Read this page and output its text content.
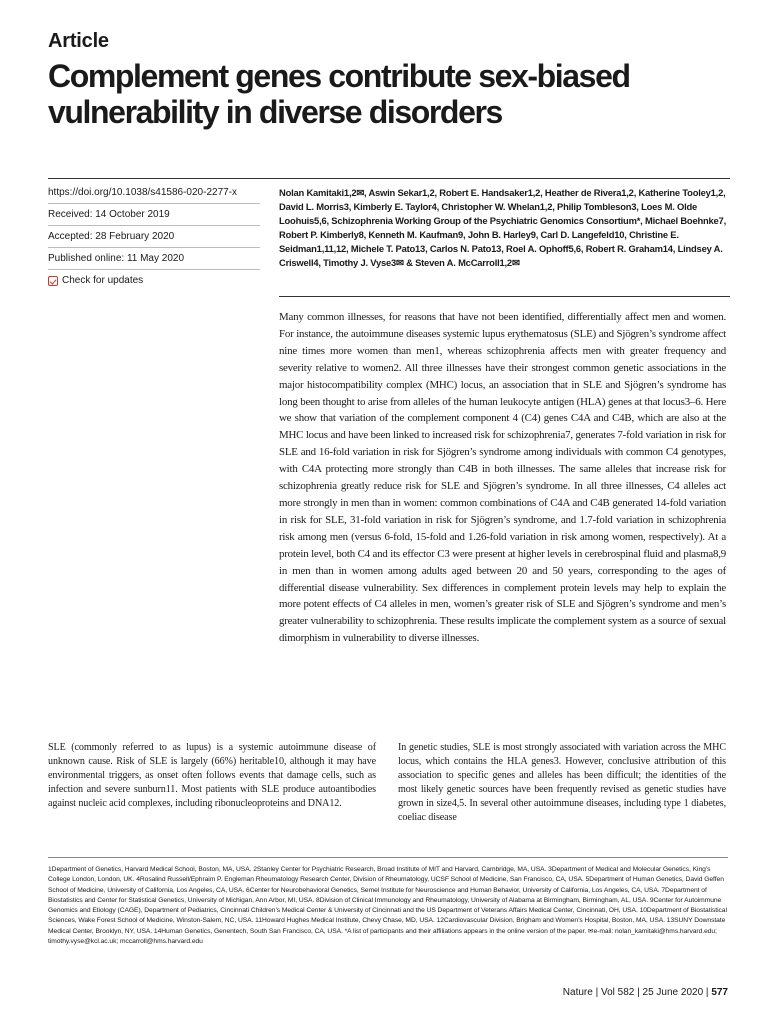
Article
Complement genes contribute sex-biased vulnerability in diverse disorders
https://doi.org/10.1038/s41586-020-2277-x
Received: 14 October 2019
Accepted: 28 February 2020
Published online: 11 May 2020
Check for updates
Nolan Kamitaki1,2✉, Aswin Sekar1,2, Robert E. Handsaker1,2, Heather de Rivera1,2, Katherine Tooley1,2, David L. Morris3, Kimberly E. Taylor4, Christopher W. Whelan1,2, Philip Tombleson3, Loes M. Olde Loohuis5,6, Schizophrenia Working Group of the Psychiatric Genomics Consortium*, Michael Boehnke7, Robert P. Kimberly8, Kenneth M. Kaufman9, John B. Harley9, Carl D. Langefeld10, Christine E. Seidman1,11,12, Michele T. Pato13, Carlos N. Pato13, Roel A. Ophoff5,6, Robert R. Graham14, Lindsey A. Criswell4, Timothy J. Vyse3✉ & Steven A. McCarroll1,2✉

Many common illnesses, for reasons that have not been identified, differentially affect men and women. For instance, the autoimmune diseases systemic lupus erythematosus (SLE) and Sjögren’s syndrome affect nine times more women than men1, whereas schizophrenia affects men with greater frequency and severity relative to women2. All three illnesses have their strongest common genetic associations in the major histocompatibility complex (MHC) locus, an association that in SLE and Sjögren’s syndrome has long been thought to arise from alleles of the human leukocyte antigen (HLA) genes at that locus3–6. Here we show that variation of the complement component 4 (C4) genes C4A and C4B, which are also at the MHC locus and have been linked to increased risk for schizophrenia7, generates 7-fold variation in risk for SLE and 16-fold variation in risk for Sjögren’s syndrome among individuals with common C4 genotypes, with C4A protecting more strongly than C4B in both illnesses. The same alleles that increase risk for schizophrenia greatly reduce risk for SLE and Sjögren’s syndrome. In all three illnesses, C4 alleles act more strongly in men than in women: common combinations of C4A and C4B generated 14-fold variation in risk for SLE, 31-fold variation in risk for Sjögren’s syndrome, and 1.7-fold variation in schizophrenia risk among men (versus 6-fold, 15-fold and 1.26-fold variation in risk among women, respectively). At a protein level, both C4 and its effector C3 were present at higher levels in cerebrospinal fluid and plasma8,9 in men than in women among adults aged between 20 and 50 years, corresponding to the ages of differential disease vulnerability. Sex differences in complement protein levels may help to explain the more potent effects of C4 alleles in men, women’s greater risk of SLE and Sjögren’s syndrome and men’s greater vulnerability to schizophrenia. These results implicate the complement system as a source of sexual dimorphism in vulnerability to diverse illnesses.

SLE (commonly referred to as lupus) is a systemic autoimmune disease of unknown cause. Risk of SLE is largely (66%) heritable10, although it may have environmental triggers, as onset often follows events that damage cells, such as infection and severe sunburn11. Most patients with SLE produce autoantibodies against nucleic acid complexes, including ribonucleoproteins and DNA12.

In genetic studies, SLE is most strongly associated with variation across the MHC locus, which contains the HLA genes3. However, conclusive attribution of this association to specific genes and alleles has been difficult; the identities of the most likely genetic sources have been frequently revised as genetic studies have grown in size4,5. In several other autoimmune diseases, including type 1 diabetes, coeliac disease

1Department of Genetics, Harvard Medical School, Boston, MA, USA. 2Stanley Center for Psychiatric Research, Broad Institute of MIT and Harvard, Cambridge, MA, USA. 3Department of Medical and Molecular Genetics, King’s College London, London, UK. 4Rosalind Russell/Ephraim P. Engleman Rheumatology Research Center, Division of Rheumatology, UCSF School of Medicine, San Francisco, CA, USA. 5Department of Human Genetics, David Geffen School of Medicine, University of California, Los Angeles, CA, USA. 6Center for Neurobehavioral Genetics, Semel Institute for Neuroscience and Human Behavior, University of California, Los Angeles, CA, USA. 7Department of Biostatistics and Center for Statistical Genetics, University of Michigan, Ann Arbor, MI, USA. 8Division of Clinical Immunology and Rheumatology, University of Alabama at Birmingham, Birmingham, AL, USA. 9Center for Autoimmune Genomics and Etiology (CAGE), Department of Pediatrics, Cincinnati Children’s Medical Center & University of Cincinnati and the US Department of Veterans Affairs Medical Center, Cincinnati, OH, USA. 10Department of Biostatistical Sciences, Wake Forest School of Medicine, Winston-Salem, NC, USA. 11Howard Hughes Medical Institute, Chevy Chase, MD, USA. 12Cardiovascular Division, Brigham and Women’s Hospital, Boston, MA, USA. 13SUNY Downstate Medical Center, Brooklyn, NY, USA. 14Human Genetics, Genentech, South San Francisco, CA, USA. *A list of participants and their affiliations appears in the online version of the paper. ✉e-mail: nolan_kamitaki@hms.harvard.edu; timothy.vyse@kcl.ac.uk; mccarroll@hms.harvard.edu

Nature | Vol 582 | 25 June 2020 | 577
